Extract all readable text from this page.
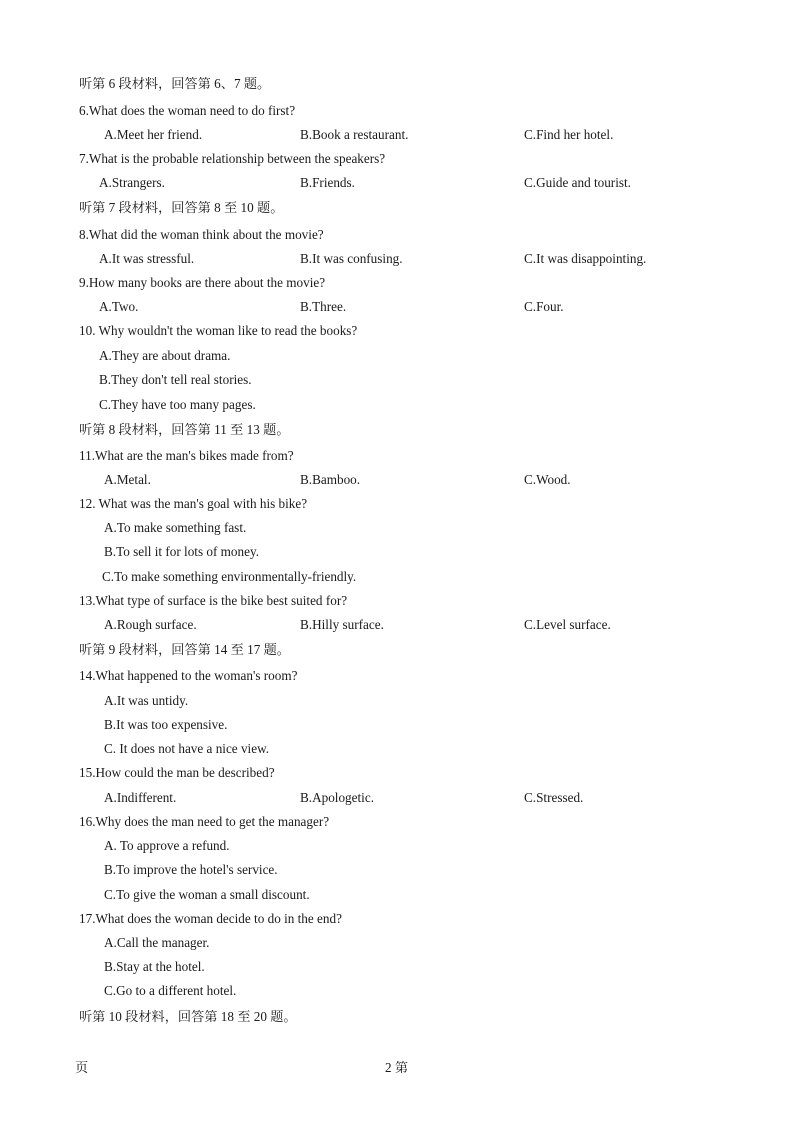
听第 6 段材料，回答第 6、7 题。
6.What does the woman need to do first?
A.Meet her friend.	B.Book a restaurant.	C.Find her hotel.
7.What is the probable relationship between the speakers?
A.Strangers.	B.Friends.	C.Guide and tourist.
听第 7 段材料，回答第 8 至 10 题。
8.What did the woman think about the movie?
A.It was stressful.	B.It was confusing.	C.It was disappointing.
9.How many books are there about the movie?
A.Two.	B.Three.	C.Four.
10. Why wouldn't the woman like to read the books?
A.They are about drama.
B.They don't tell real stories.
C.They have too many pages.
听第 8 段材料，回答第 11 至 13 题。
11.What are the man's bikes made from?
A.Metal.	B.Bamboo.	C.Wood.
12. What was the man's goal with his bike?
A.To make something fast.
B.To sell it for lots of money.
C.To make something environmentally-friendly.
13.What type of surface is the bike best suited for?
A.Rough surface.	B.Hilly surface.	C.Level surface.
听第 9 段材料，回答第 14 至 17 题。
14.What happened to the woman's room?
A.It was untidy.
B.It was too expensive.
C. It does not have a nice view.
15.How could the man be described?
A.Indifferent.	B.Apologetic.	C.Stressed.
16.Why does the man need to get the manager?
A. To approve a refund.
B.To improve the hotel's service.
C.To give the woman a small discount.
17.What does the woman decide to do in the end?
A.Call the manager.
B.Stay at the hotel.
C.Go to a different hotel.
听第 10 段材料，回答第 18 至 20 题。
页	2 第
